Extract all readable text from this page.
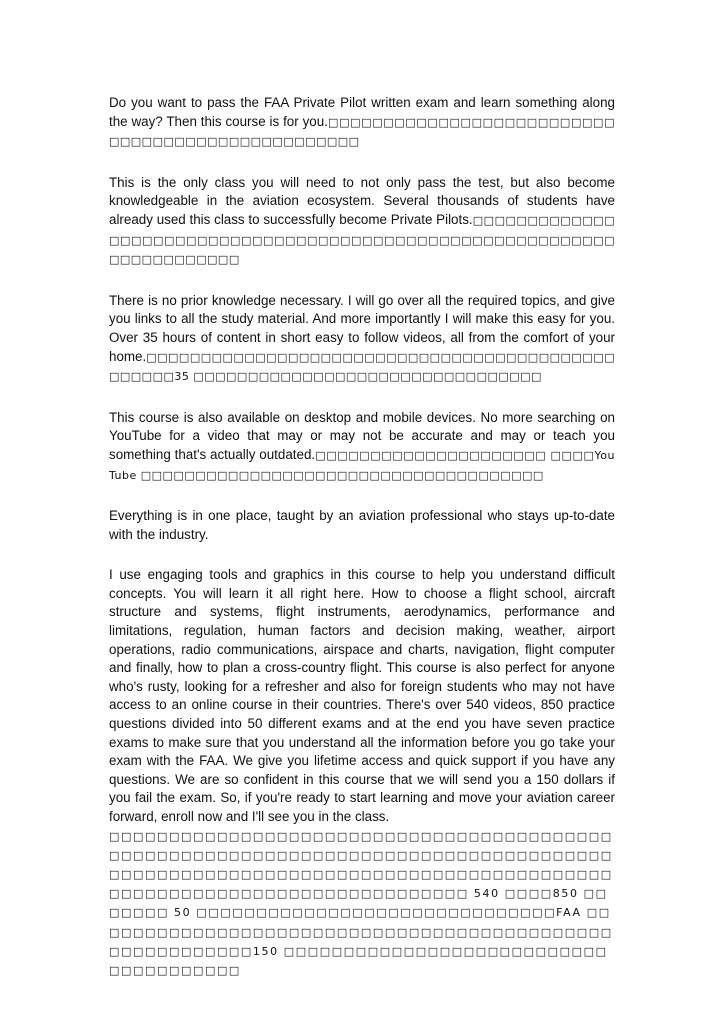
Do you want to pass the FAA Private Pilot written exam and learn something along the way? Then this course is for you.□□□□□□□□□□□□□□□□□□□□□□□□□□□□□□□□□□□□□□□□□□□□□□□□□

This is the only class you will need to not only pass the test, but also become knowledgeable in the aviation ecosystem. Several thousands of students have already used this class to successfully become Private Pilots.□□□□□□□□□□□□□□□□□□□□□□□□□□□□□□□□□□□□□□□□□□□□□□□□□□□□□□□□□□□□□□□□□□□□□□□

There is no prior knowledge necessary. I will go over all the required topics, and give you links to all the study material. And more importantly I will make this easy for you. Over 35 hours of content in short easy to follow videos, all from the comfort of your home.□□□□□□□□□□□□□□□□□□□□□□□□□□□□□□□□□□□□□□□□□□□□□□□□□35 □□□□□□□□□□□□□□□□□□□□□□□□□□□□□□□□

This course is also available on desktop and mobile devices. No more searching on YouTube for a video that may or may not be accurate and may or teach you something that's actually outdated.□□□□□□□□□□□□□□□□□□□□□ □□□□YouTube □□□□□□□□□□□□□□□□□□□□□□□□□□□□□□□□□□□□□

Everything is in one place, taught by an aviation professional who stays up-to-date with the industry.

I use engaging tools and graphics in this course to help you understand difficult concepts. You will learn it all right here. How to choose a flight school, aircraft structure and systems, flight instruments, aerodynamics, performance and limitations, regulation, human factors and decision making, weather, airport operations, radio communications, airspace and charts, navigation, flight computer and finally, how to plan a cross-country flight. This course is also perfect for anyone who's rusty, looking for a refresher and also for foreign students who may not have access to an online course in their countries. There's over 540 videos, 850 practice questions divided into 50 different exams and at the end you have seven practice exams to make sure that you understand all the information before you go take your exam with the FAA. We give you lifetime access and quick support if you have any questions. We are so confident in this course that we will send you a 150 dollars if you fail the exam. So, if you're ready to start learning and move your aviation career forward, enroll now and I'll see you in the class.

□□□□□□□□□□□□□□□□□□□□□□□□□□□□□□□□□□□□□□□□□□□□□□□□□□□□□□□□□□□□□□□□□□□□□□□□□□□□□□□□□□□□□□□□□□□□□□□□□□□□□□□□□□□□□□□□□□□□□□□□□□□□□□□□□□□□□□□□□□□□□□□□□□□□□□□□□□□□ 540 □□□□850 □□□□□□□ 50 □□□□□□□□□□□□□□□□□□□□□□□□□□□□□□FAA □□□□□□□□□□□□□□□□□□□□□□□□□□□□□□□□□□□□□□□□□□□□□□□□□□□□□□□□150 □□□□□□□□□□□□□□□□□□□□□□□□□□□□□□□□□□□□□□
